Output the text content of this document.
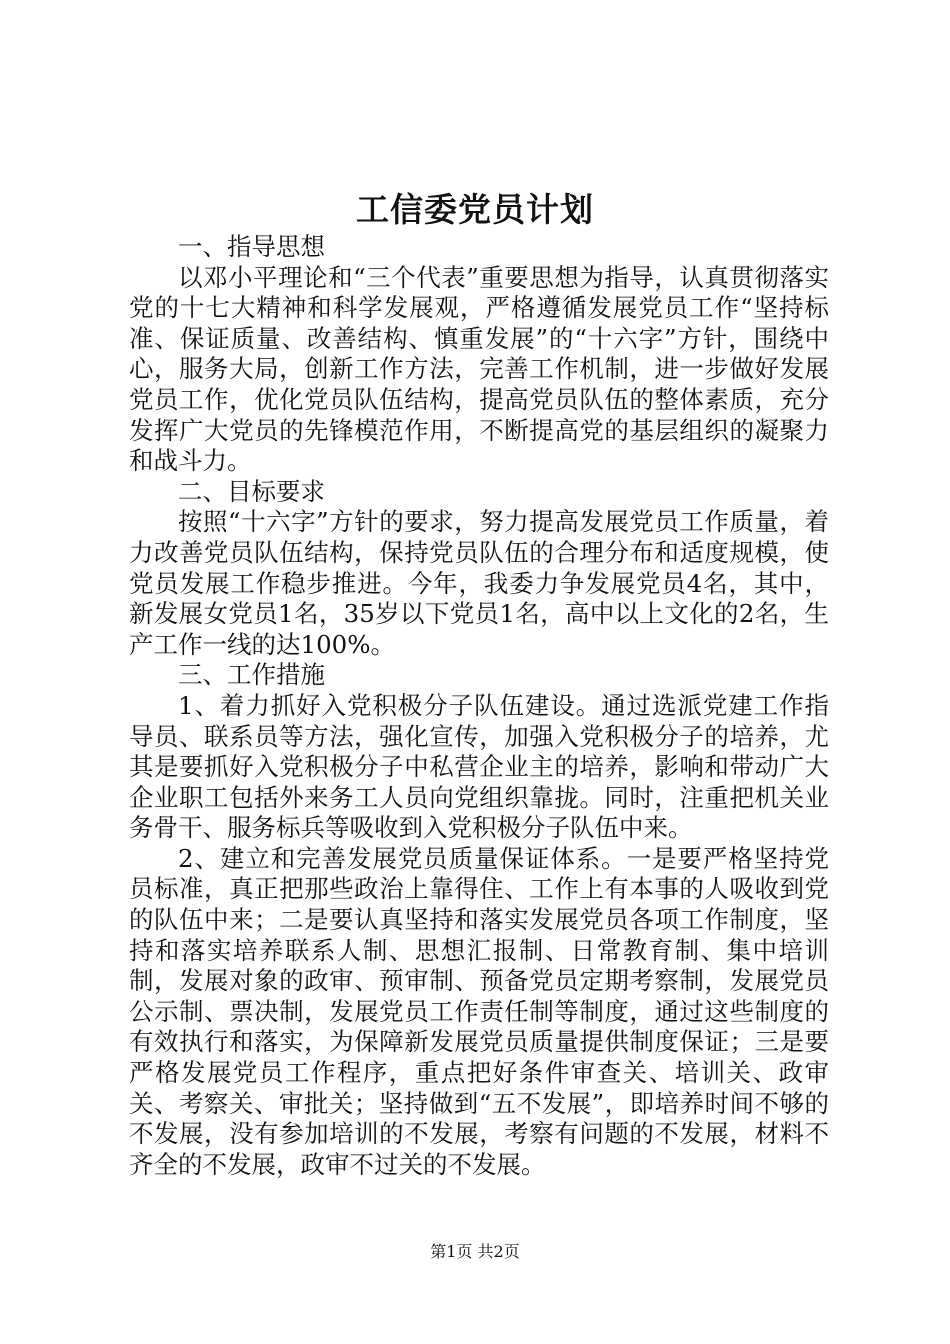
工信委党员计划

一、指导思想

以邓小平理论和“三个代表”重要思想为指导，认真贯彻落实党的十七大精神和科学发展观，严格遵循发展党员工作“坚持标准、保证质量、改善结构、慎重发展”的“十六字”方针，围绕中心，服务大局，创新工作方法，完善工作机制，进一步做好发展党员工作，优化党员队伍结构，提高党员队伍的整体素质，充分发挥广大党员的先锋模范作用，不断提高党的基层组织的凝聚力和战斗力。

二、目标要求

按照“十六字”方针的要求，努力提高发展党员工作质量，着力改善党员队伍结构，保持党员队伍的合理分布和适度规模，使党员发展工作稳步推进。今年，我委力争发展党员4名，其中，新发展女党员1名，35岁以下党员1名，高中以上文化的2名，生产工作一线的达100%。

三、工作措施

1、着力抓好入党积极分子队伍建设。通过选派党建工作指导员、联系员等方法，强化宣传，加强入党积极分子的培养，尤其是要抓好入党积极分子中私营企业主的培养，影响和带动广大企业职工包括外来务工人员向党组织靠拢。同时，注重把机关业务骨干、服务标兵等吸收到入党积极分子队伍中来。

2、建立和完善发展党员质量保证体系。一是要严格坚持党员标准，真正把那些政治上靠得住、工作上有本事的人吸收到党的队伍中来；二是要认真坚持和落实发展党员各项工作制度，坚持和落实培养联系人制、思想汇报制、日常教育制、集中培训制，发展对象的政审、预审制、预备党员定期考察制，发展党员公示制、票决制，发展党员工作责任制等制度，通过这些制度的有效执行和落实，为保障新发展党员质量提供制度保证；三是要严格发展党员工作程序，重点把好条件审查关、培训关、政审关、考察关、审批关；坚持做到“五不发展”，即培养时间不够的不发展，没有参加培训的不发展，考察有问题的不发展，材料不齐全的不发展，政审不过关的不发展。

第1页 共2页
